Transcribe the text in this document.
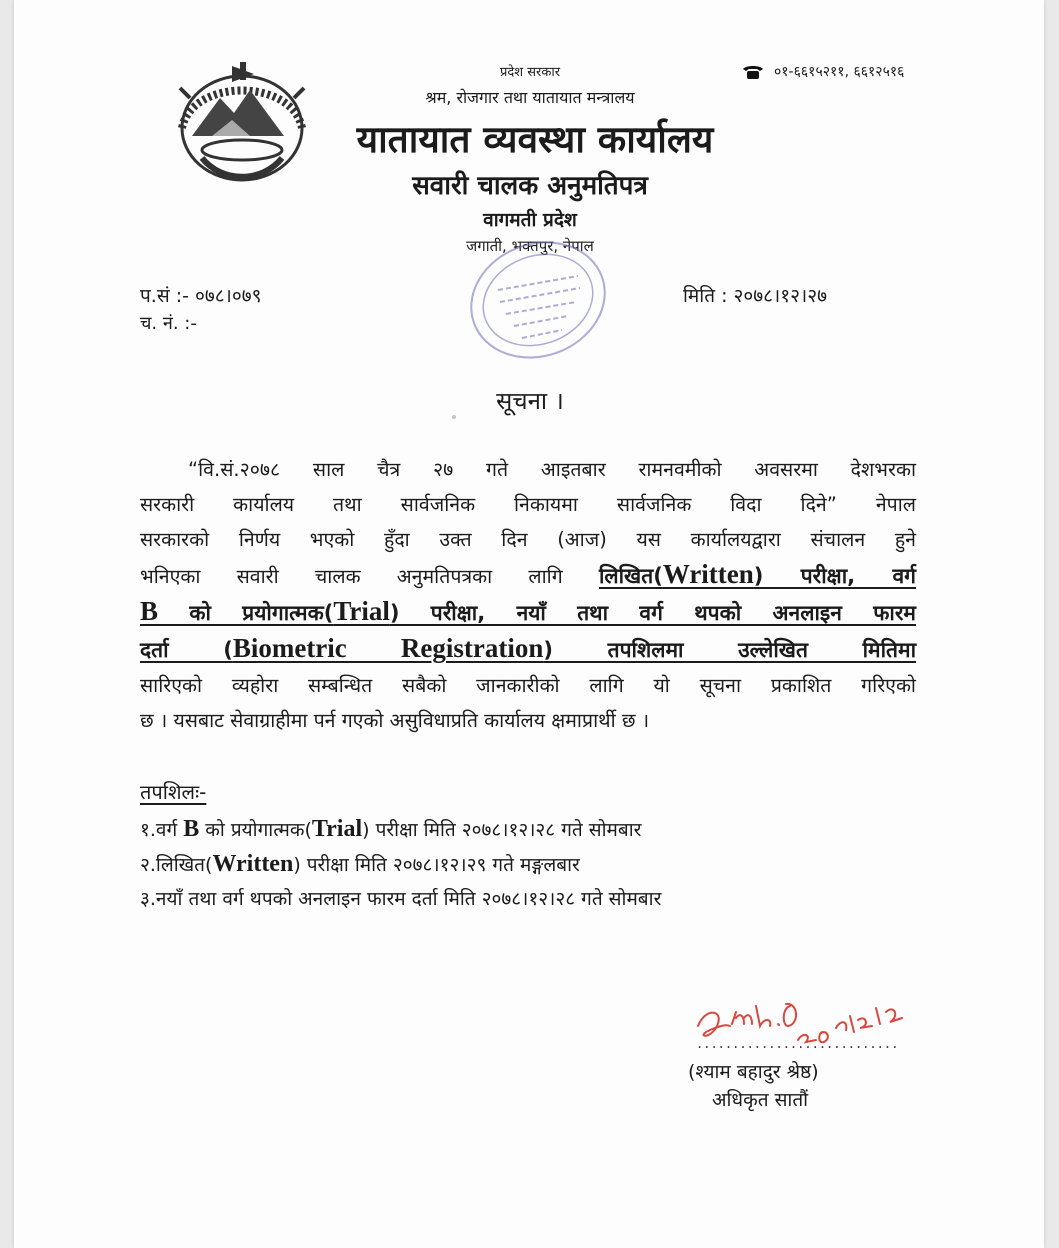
०१-६६१५२११, ६६१२५१६
प्रदेश सरकार
श्रम, रोजगार तथा यातायात मन्त्रालय
यातायात व्यवस्था कार्यालय
सवारी चालक अनुमतिपत्र
वागमती प्रदेश
जगाती, भक्तपुर, नेपाल
प.सं :- ०७८।०७९
च. नं. :-
मिति : २०७८।१२।२७
सूचना ।
“वि.सं.२०७८ साल चैत्र २७ गते आइतबार रामनवमीको अवसरमा देशभरका
सरकारी कार्यालय तथा सार्वजनिक निकायमा सार्वजनिक विदा दिने” नेपाल
सरकारको निर्णय भएको हुँदा उक्त दिन (आज) यस कार्यालयद्वारा संचालन हुने
भनिएका सवारी चालक अनुमतिपत्रका लागि लिखित(Written) परीक्षा, वर्ग
B को प्रयोगात्मक(Trial) परीक्षा, नयाँ तथा वर्ग थपको अनलाइन फारम
दर्ता (Biometric Registration) तपशिलमा उल्लेखित मितिमा
सारिएको व्यहोरा सम्बन्धित सबैको जानकारीको लागि यो सूचना प्रकाशित गरिएको
छ । यसबाट सेवाग्राहीमा पर्न गएको असुविधाप्रति कार्यालय क्षमाप्रार्थी छ ।
तपशिलः-
१.वर्ग B को प्रयोगात्मक(Trial) परीक्षा मिति २०७८।१२।२८ गते सोमबार
२.लिखित(Written) परीक्षा मिति २०७८।१२।२९ गते मङ्गलबार
३.नयाँ तथा वर्ग थपको अनलाइन फारम दर्ता मिति २०७८।१२।२८ गते सोमबार
............................
(श्याम बहादुर श्रेष्ठ)
अधिकृत सातौं
